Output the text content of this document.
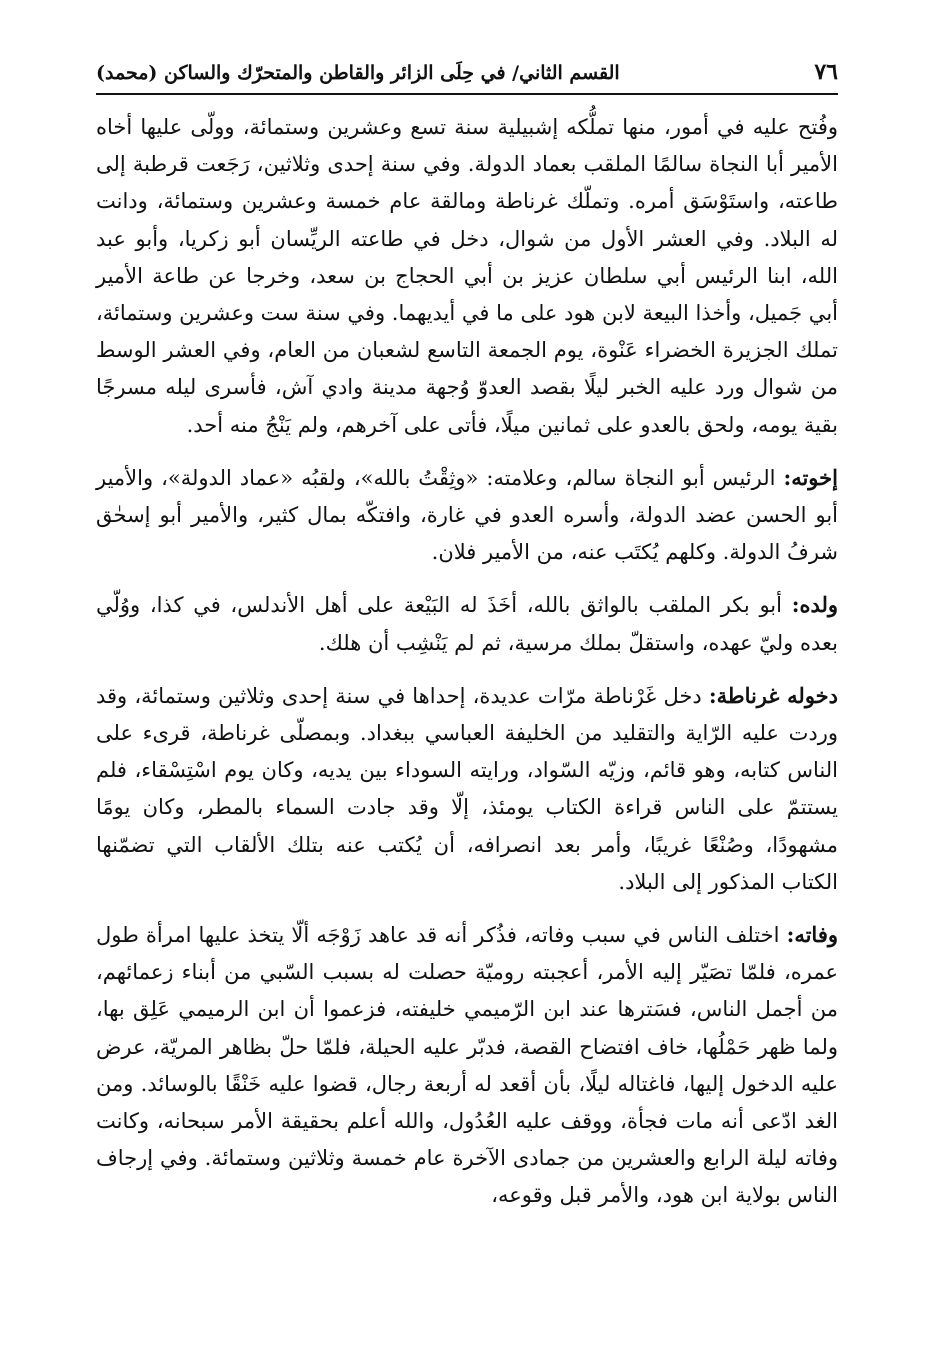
٧٦
القسم الثاني/ في حِلَى الزائر والقاطن والمتحرّك والساكن (محمد)

وفُتح عليه في أمور، منها تملُّكه إشبيلية سنة تسع وعشرين وستمائة، وولّى عليها أخاه الأمير أبا النجاة سالمًا الملقب بعماد الدولة. وفي سنة إحدى وثلاثين، رَجَعت قرطبة إلى طاعته، واستَوْسَق أمره. وتملّك غرناطة ومالقة عام خمسة وعشرين وستمائة، ودانت له البلاد. وفي العشر الأول من شوال، دخل في طاعته الريِّسان أبو زكريا، وأبو عبد الله، ابنا الرئيس أبي سلطان عزيز بن أبي الحجاج بن سعد، وخرجا عن طاعة الأمير أبي جَميل، وأخذا البيعة لابن هود على ما في أيديهما. وفي سنة ست وعشرين وستمائة، تملك الجزيرة الخضراء عَنْوة، يوم الجمعة التاسع لشعبان من العام، وفي العشر الوسط من شوال ورد عليه الخبر ليلًا بقصد العدوّ وُجهة مدينة وادي آش، فأسرى ليله مسرجًا بقية يومه، ولحق بالعدو على ثمانين ميلًا، فأتى على آخرهم، ولم يَنْجُ منه أحد.

إخوته: الرئيس أبو النجاة سالم، وعلامته: «وثِقْتُ بالله»، ولقبُه «عماد الدولة»، والأمير أبو الحسن عضد الدولة، وأسره العدو في غارة، وافتكّه بمال كثير، والأمير أبو إسحٰق شرفُ الدولة. وكلهم يُكتَب عنه، من الأمير فلان.

ولده: أبو بكر الملقب بالواثق بالله، أخَذَ له البَيْعة على أهل الأندلس، في كذا، ووُلّي بعده وليّ عهده، واستقلّ بملك مرسية، ثم لم يَنْشِب أن هلك.

دخوله غرناطة: دخل غَرْناطة مرّات عديدة، إحداها في سنة إحدى وثلاثين وستمائة، وقد وردت عليه الرّاية والتقليد من الخليفة العباسي ببغداد. وبمصلّى غرناطة، قرىء على الناس كتابه، وهو قائم، وزيّه السّواد، ورايته السوداء بين يديه، وكان يوم اسْتِسْقاء، فلم يستتمّ على الناس قراءة الكتاب يومئذ، إلّا وقد جادت السماء بالمطر، وكان يومًا مشهودًا، وصُنْعًا غريبًا، وأمر بعد انصرافه، أن يُكتب عنه بتلك الألقاب التي تضمّنها الكتاب المذكور إلى البلاد.

وفاته: اختلف الناس في سبب وفاته، فذُكر أنه قد عاهد زَوْجَه ألّا يتخذ عليها امرأة طول عمره، فلمّا تصَيّر إليه الأمر، أعجبته روميّة حصلت له بسبب السّبي من أبناء زعمائهم، من أجمل الناس، فسَترها عند ابن الرّميمي خليفته، فزعموا أن ابن الرميمي عَلِق بها، ولما ظهر حَمْلُها، خاف افتضاح القصة، فدبّر عليه الحيلة، فلمّا حلّ بظاهر المريّة، عرض عليه الدخول إليها، فاغتاله ليلًا، بأن أقعد له أربعة رجال، قضوا عليه خَنْقًا بالوسائد. ومن الغد ادّعى أنه مات فجأة، ووقف عليه العُدُول، والله أعلم بحقيقة الأمر سبحانه، وكانت وفاته ليلة الرابع والعشرين من جمادى الآخرة عام خمسة وثلاثين وستمائة. وفي إرجاف الناس بولاية ابن هود، والأمر قبل وقوعه،
